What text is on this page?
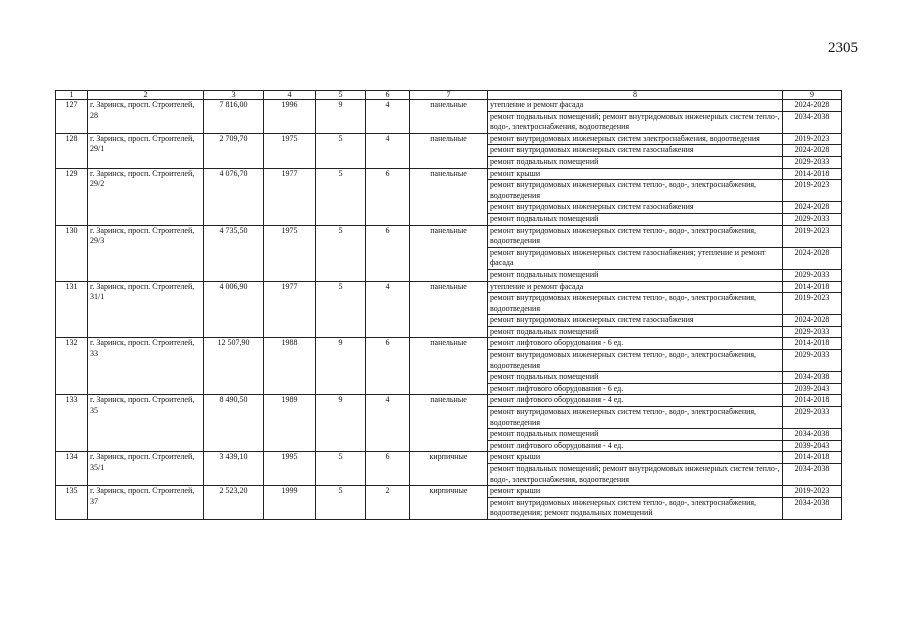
2305
1	2	3	4	5	6	7	8	9
127	г. Заринск, просп. Строителей, 28	7 816,00	1996	9	4	панельные	утепление и ремонт фасада	2024-2028
							ремонт подвальных помещений; ремонт внутридомовых инженерных систем тепло-, водо-, электроснабжения, водоотведения	2034-2038
128	г. Заринск, просп. Строителей, 29/1	2 709,70	1975	5	4	панельные	ремонт внутридомовых инженерных систем электроснабжения, водоотведения	2019-2023
							ремонт внутридомовых инженерных систем газоснабжения	2024-2028
							ремонт подвальных помещений	2029-2033
129	г. Заринск, просп. Строителей, 29/2	4 076,70	1977	5	6	панельные	ремонт крыши	2014-2018
							ремонт внутридомовых инженерных систем тепло-, водо-, электроснабжения, водоотведения	2019-2023
							ремонт внутридомовых инженерных систем газоснабжения	2024-2028
							ремонт подвальных помещений	2029-2033
130	г. Заринск, просп. Строителей, 29/3	4 735,50	1975	5	6	панельные	ремонт внутридомовых инженерных систем тепло-, водо-, электроснабжения, водоотведения	2019-2023
							ремонт внутридомовых инженерных систем газоснабжения; утепление и ремонт фасада	2024-2028
							ремонт подвальных помещений	2029-2033
131	г. Заринск, просп. Строителей, 31/1	4 006,90	1977	5	4	панельные	утепление и ремонт фасада	2014-2018
							ремонт внутридомовых инженерных систем тепло-, водо-, электроснабжения, водоотведения	2019-2023
							ремонт внутридомовых инженерных систем газоснабжения	2024-2028
							ремонт подвальных помещений	2029-2033
132	г. Заринск, просп. Строителей, 33	12 507,90	1988	9	6	панельные	ремонт лифтового оборудования - 6 ед.	2014-2018
							ремонт внутридомовых инженерных систем тепло-, водо-, электроснабжения, водоотведения	2029-2033
							ремонт подвальных помещений	2034-2038
							ремонт лифтового оборудования - 6 ед.	2039-2043
133	г. Заринск, просп. Строителей, 35	8 490,50	1989	9	4	панельные	ремонт лифтового оборудования - 4 ед.	2014-2018
							ремонт внутридомовых инженерных систем тепло-, водо-, электроснабжения, водоотведения	2029-2033
							ремонт подвальных помещений	2034-2038
							ремонт лифтового оборудования - 4 ед.	2039-2043
134	г. Заринск, просп. Строителей, 35/1	3 439,10	1995	5	6	кирпичные	ремонт крыши	2014-2018
							ремонт подвальных помещений; ремонт внутридомовых инженерных систем тепло-, водо-, электроснабжения, водоотведения	2034-2038
135	г. Заринск, просп. Строителей, 37	2 523,20	1999	5	2	кирпичные	ремонт крыши	2019-2023
							ремонт внутридомовых инженерных систем тепло-, водо-, электроснабжения, водоотведения; ремонт подвальных помещений	2034-2038
